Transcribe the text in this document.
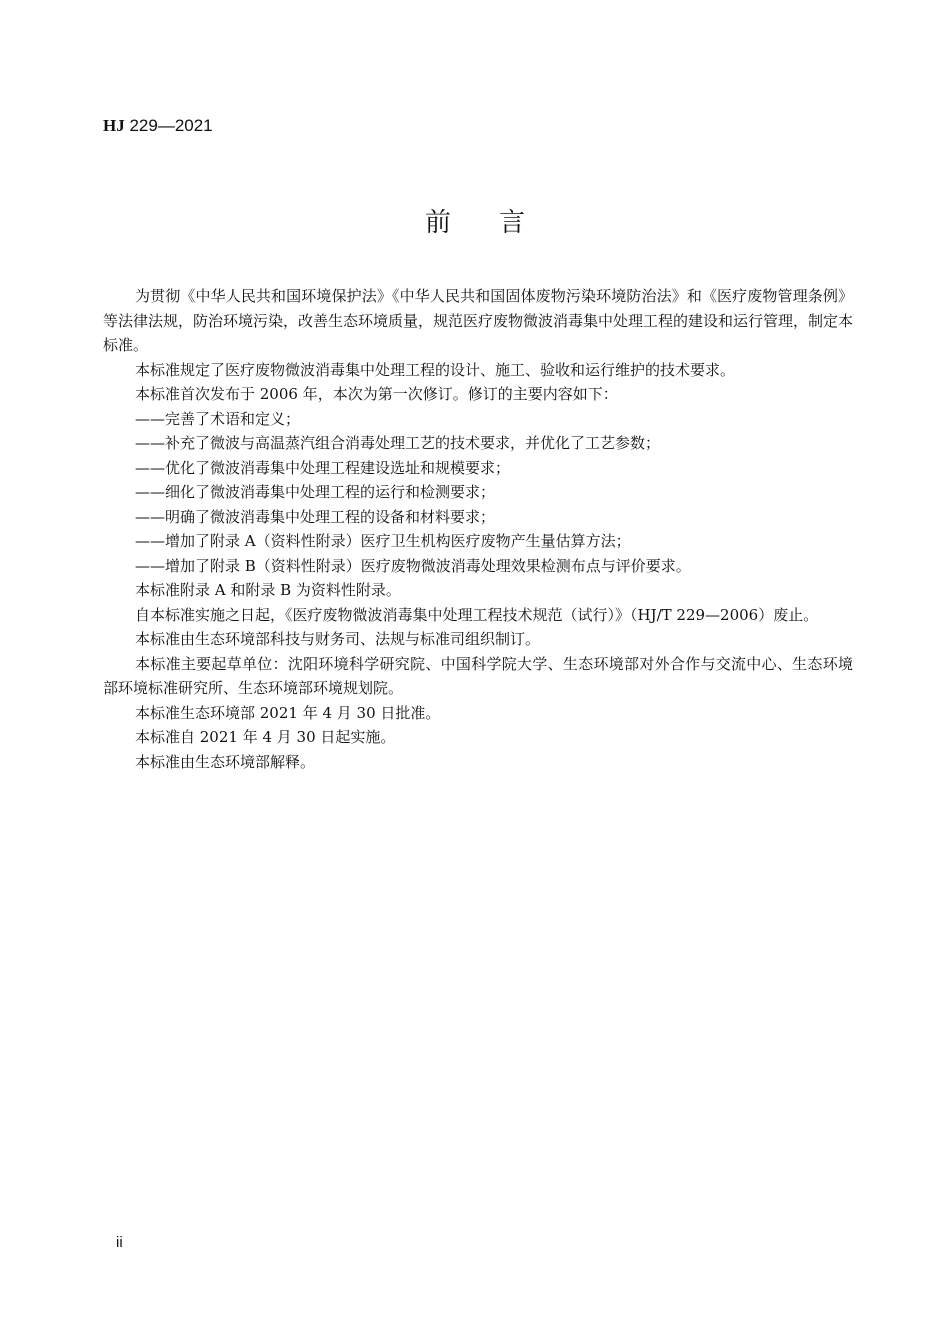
HJ 229—2021
前言

为贯彻《中华人民共和国环境保护法》《中华人民共和国固体废物污染环境防治法》和《医疗废物管理条例》等法律法规，防治环境污染，改善生态环境质量，规范医疗废物微波消毒集中处理工程的建设和运行管理，制定本标准。

本标准规定了医疗废物微波消毒集中处理工程的设计、施工、验收和运行维护的技术要求。

本标准首次发布于 2006 年，本次为第一次修订。修订的主要内容如下：

——完善了术语和定义；

——补充了微波与高温蒸汽组合消毒处理工艺的技术要求，并优化了工艺参数；

——优化了微波消毒集中处理工程建设选址和规模要求；

——细化了微波消毒集中处理工程的运行和检测要求；

——明确了微波消毒集中处理工程的设备和材料要求；

——增加了附录 A（资料性附录）医疗卫生机构医疗废物产生量估算方法；

——增加了附录 B（资料性附录）医疗废物微波消毒处理效果检测布点与评价要求。

本标准附录 A 和附录 B 为资料性附录。

自本标准实施之日起，《医疗废物微波消毒集中处理工程技术规范（试行）》（HJ/T 229—2006）废止。

本标准由生态环境部科技与财务司、法规与标准司组织制订。

本标准主要起草单位：沈阳环境科学研究院、中国科学院大学、生态环境部对外合作与交流中心、生态环境部环境标准研究所、生态环境部环境规划院。

本标准生态环境部 2021 年 4 月 30 日批准。

本标准自 2021 年 4 月 30 日起实施。

本标准由生态环境部解释。

ii
